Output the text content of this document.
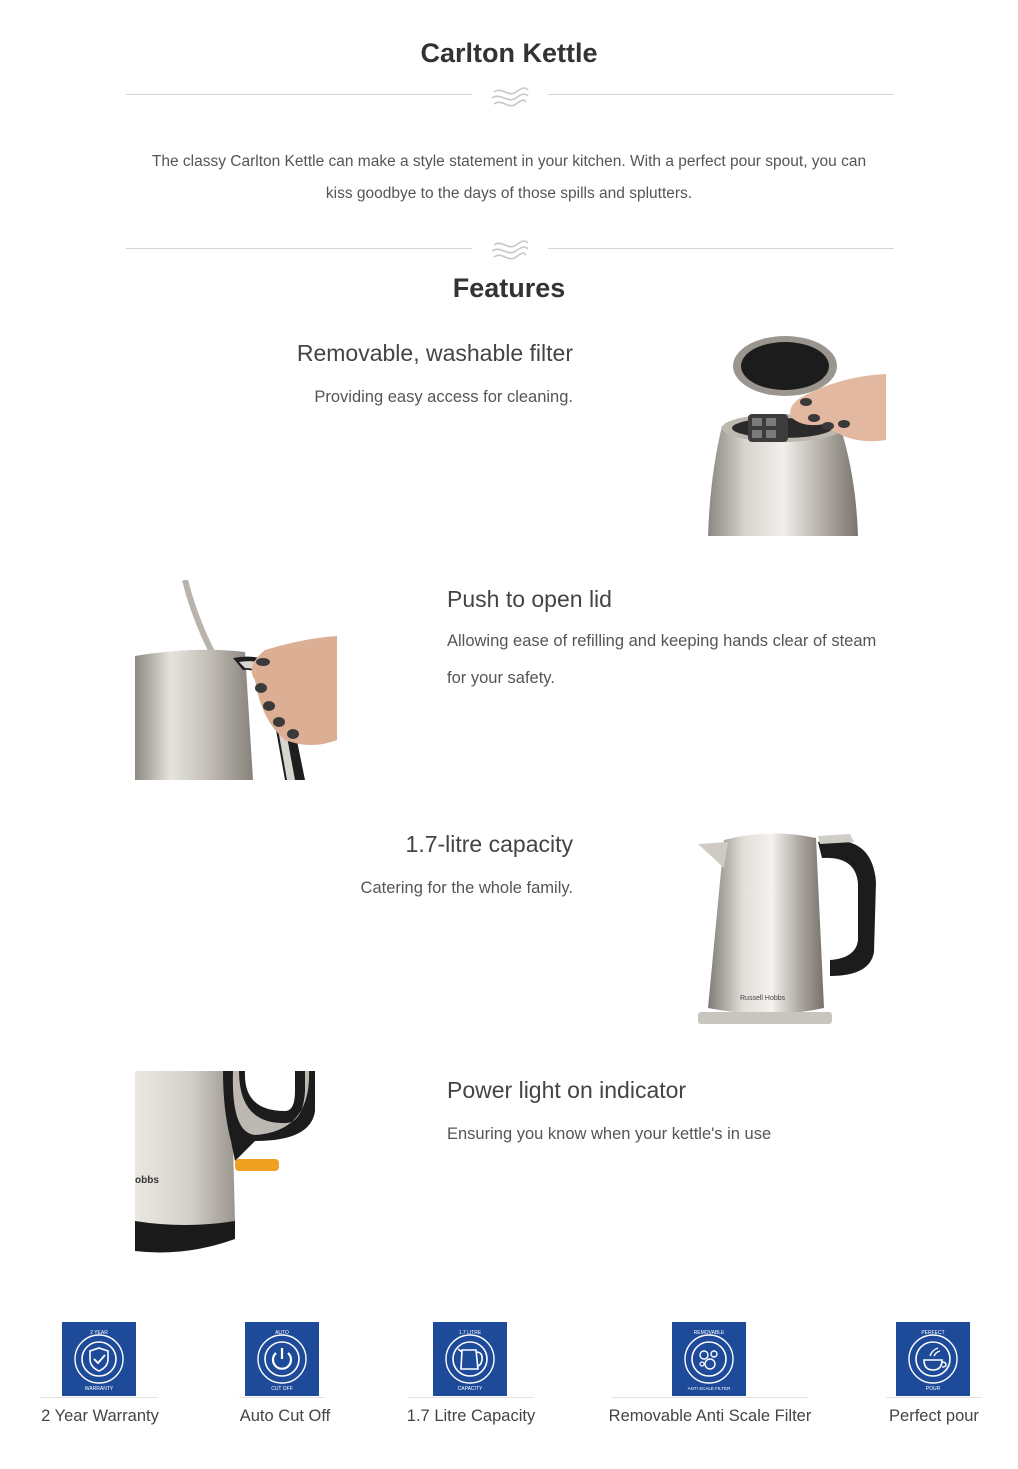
Carlton Kettle
The classy Carlton Kettle can make a style statement in your kitchen. With a perfect pour spout, you can kiss goodbye to the days of those spills and splutters.
Features
Removable, washable filter
Providing easy access for cleaning.
Push to open lid
Allowing ease of refilling and keeping hands clear of steam for your safety.
1.7-litre capacity
Catering for the whole family.
Russell Hobbs
obbs
Power light on indicator
Ensuring you know when your kettle's in use
2 YEAR
WARRANTY
2 Year Warranty
AUTO
CUT OFF
Auto Cut Off
1.7 LITRE
CAPACITY
1.7 Litre Capacity
REMOVABLE
ANTI SCALE FILTER
Removable Anti Scale Filter
PERFECT
POUR
Perfect pour
